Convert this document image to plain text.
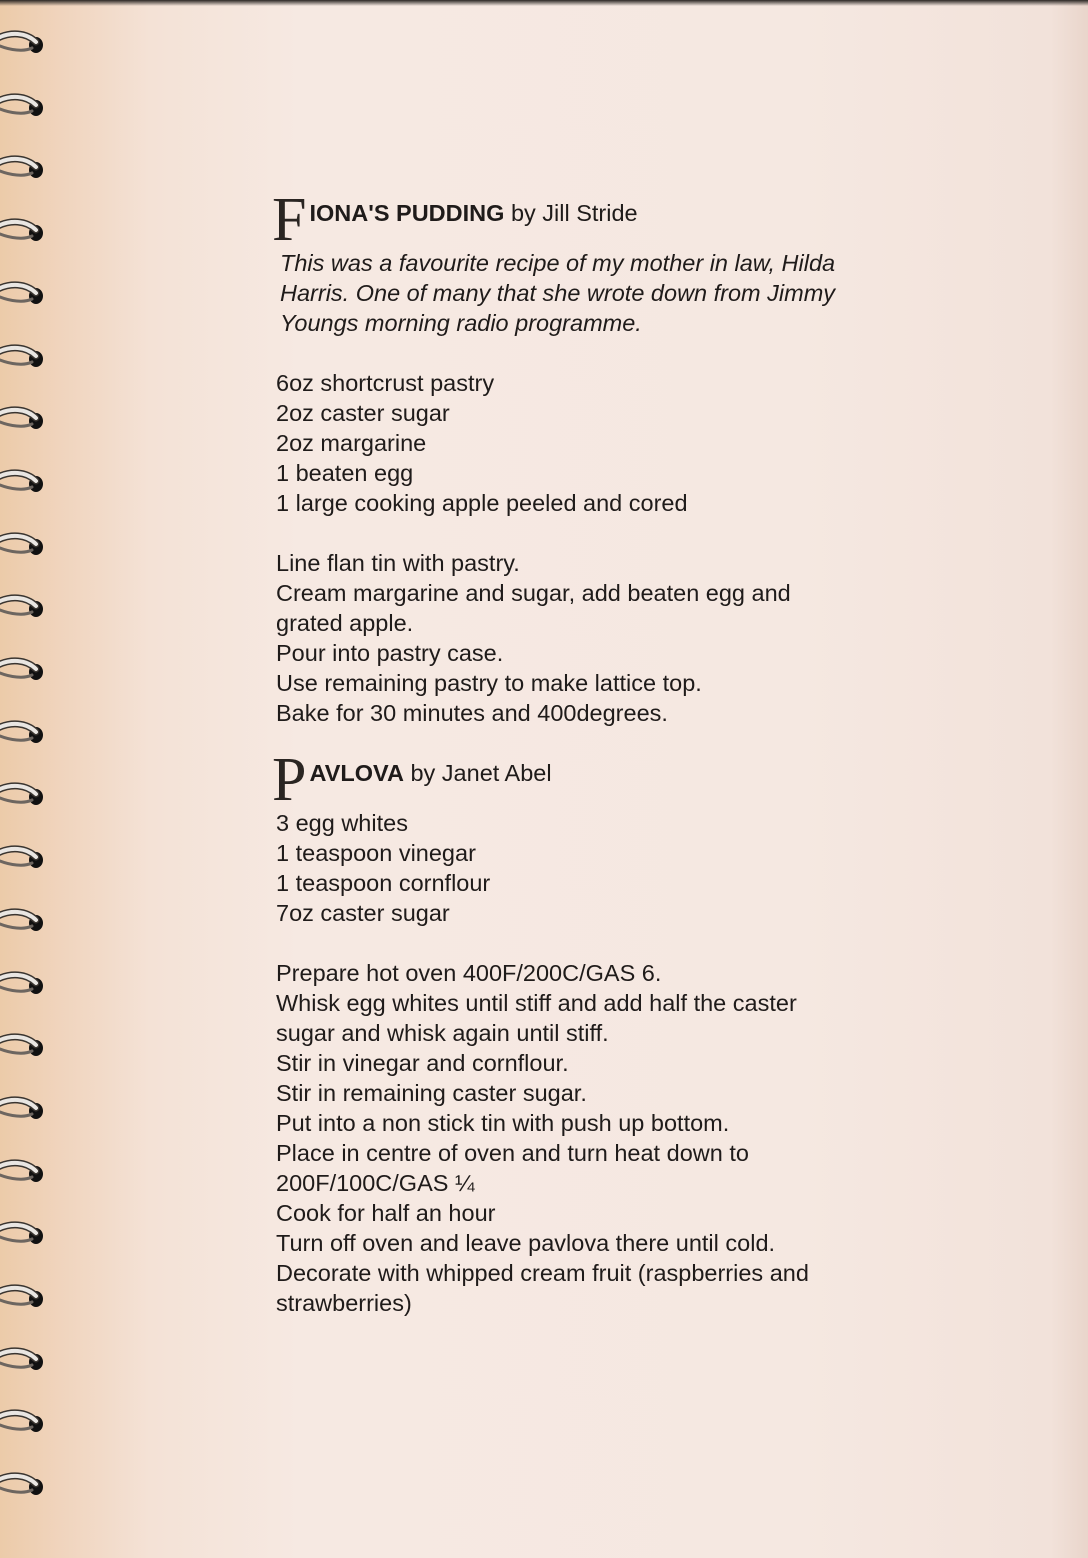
F IONA'S PUDDING by Jill Stride
This was a favourite recipe of my mother in law, Hilda
Harris. One of many that she wrote down from Jimmy
Youngs morning radio programme.
6oz shortcrust pastry
2oz caster sugar
2oz margarine
1 beaten egg
1 large cooking apple peeled and cored
Line flan tin with pastry.
Cream margarine and sugar, add beaten egg and
grated apple.
Pour into pastry case.
Use remaining pastry to make lattice top.
Bake for 30 minutes and 400degrees.
P AVLOVA by Janet Abel
3 egg whites
1 teaspoon vinegar
1 teaspoon cornflour
7oz caster sugar
Prepare hot oven 400F/200C/GAS 6.
Whisk egg whites until stiff and add half the caster
sugar and whisk again until stiff.
Stir in vinegar and cornflour.
Stir in remaining caster sugar.
Put into a non stick tin with push up bottom.
Place in centre of oven and turn heat down to
200F/100C/GAS ¼
Cook for half an hour
Turn off oven and leave pavlova there until cold.
Decorate with whipped cream fruit (raspberries and
strawberries)
